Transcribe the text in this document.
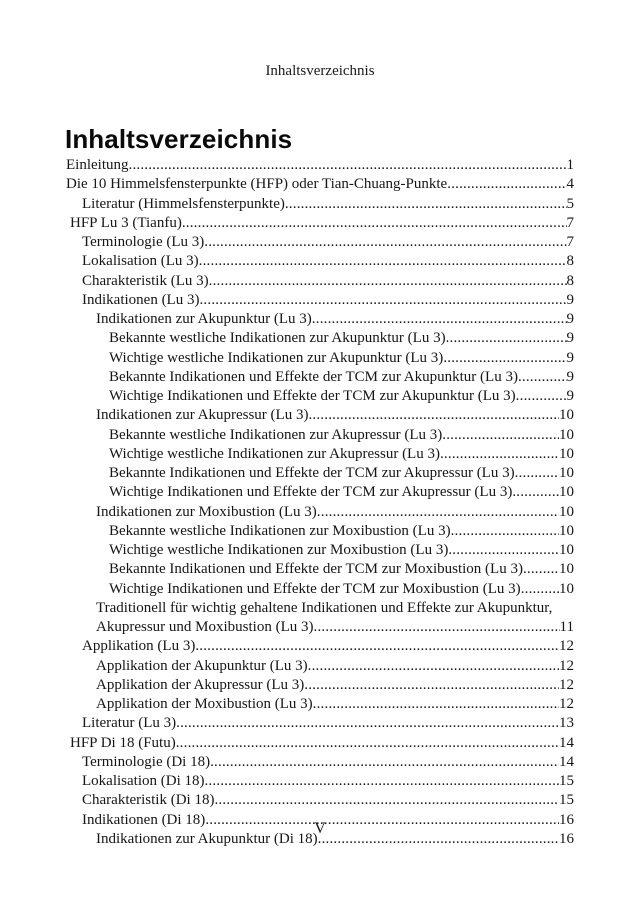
Inhaltsverzeichnis
Inhaltsverzeichnis
Einleitung .....	1
Die 10 Himmelsfensterpunkte (HFP) oder Tian-Chuang-Punkte .....	4
Literatur (Himmelsfensterpunkte) .....	5
HFP Lu 3 (Tianfu) .....	7
Terminologie (Lu 3) .....	7
Lokalisation (Lu 3) .....	8
Charakteristik (Lu 3) .....	8
Indikationen (Lu 3) .....	9
Indikationen zur Akupunktur (Lu 3) .....	9
Bekannte westliche Indikationen zur Akupunktur (Lu 3) .....	9
Wichtige westliche Indikationen zur Akupunktur (Lu 3) .....	9
Bekannte Indikationen und Effekte der TCM zur Akupunktur (Lu 3) .....	9
Wichtige Indikationen und Effekte der TCM zur Akupunktur (Lu 3) .....	9
Indikationen zur Akupressur (Lu 3) .....	10
Bekannte westliche Indikationen zur Akupressur (Lu 3) .....	10
Wichtige westliche Indikationen zur Akupressur (Lu 3) .....	10
Bekannte Indikationen und Effekte der TCM zur Akupressur (Lu 3) .....	10
Wichtige Indikationen und Effekte der TCM zur Akupressur (Lu 3) .....	10
Indikationen zur Moxibustion (Lu 3) .....	10
Bekannte westliche Indikationen zur Moxibustion (Lu 3) .....	10
Wichtige westliche Indikationen zur Moxibustion (Lu 3) .....	10
Bekannte Indikationen und Effekte der TCM zur Moxibustion (Lu 3) ..... 10
Wichtige Indikationen und Effekte der TCM zur Moxibustion (Lu 3) .....	10
Traditionell für wichtig gehaltene Indikationen und Effekte zur Akupunktur,
Akupressur und Moxibustion (Lu 3) .....	11
Applikation (Lu 3) .....	12
Applikation der Akupunktur (Lu 3) .....	12
Applikation der Akupressur (Lu 3) .....	12
Applikation der Moxibustion (Lu 3) .....	12
Literatur (Lu 3) .....	13
HFP Di 18 (Futu) .....	14
Terminologie (Di 18) .....	14
Lokalisation (Di 18) .....	15
Charakteristik (Di 18) .....	15
Indikationen (Di 18) .....	16
Indikationen zur Akupunktur (Di 18) .....	16
V
